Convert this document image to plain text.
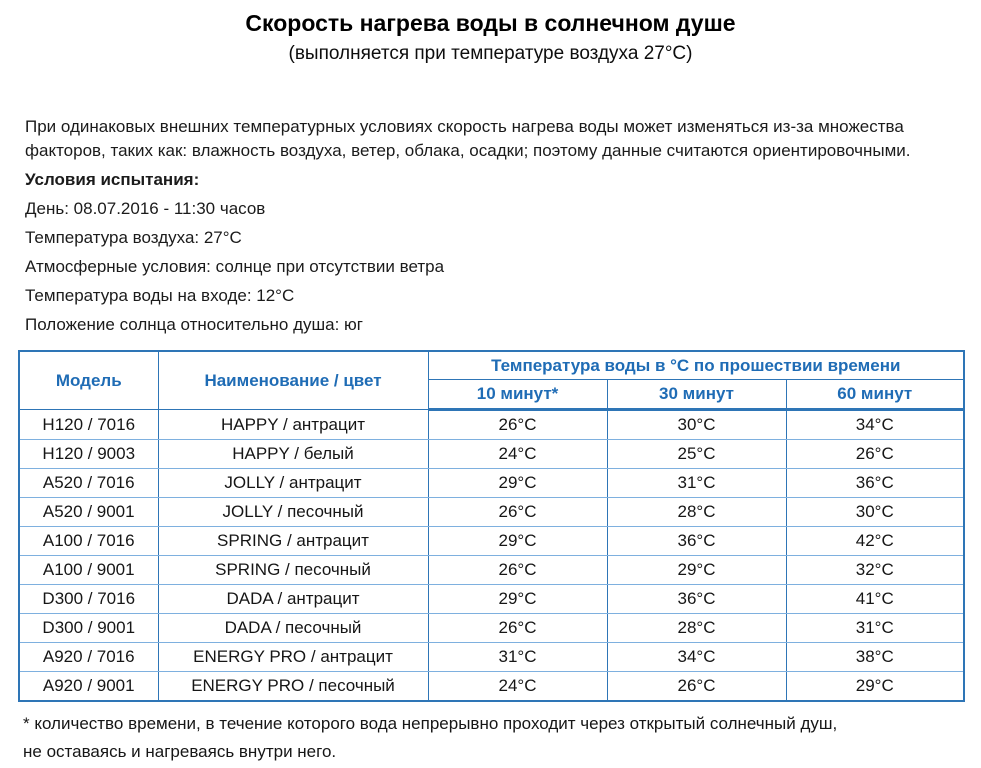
Скорость нагрева воды в солнечном душе
(выполняется при температуре воздуха 27°С)
При одинаковых внешних температурных условиях скорость нагрева воды может изменяться из-за множества
факторов, таких как: влажность воздуха, ветер, облака, осадки; поэтому данные считаются ориентировочными.
Условия испытания:
День: 08.07.2016 - 11:30 часов
Температура воздуха: 27°С
Атмосферные условия: солнце при отсутствии ветра
Температура воды на входе: 12°С
Положение солнца относительно душа: юг
Модель	Наименование / цвет	Температура воды в °С по прошествии времени		
		10 минут*	30 минут	60 минут
H120 / 7016	HAPPY / антрацит	26°C	30°C	34°C
H120 / 9003	HAPPY / белый	24°C	25°C	26°C
A520 / 7016	JOLLY / антрацит	29°C	31°C	36°C
A520 / 9001	JOLLY / песочный	26°C	28°C	30°C
A100 / 7016	SPRING / антрацит	29°C	36°C	42°C
A100 / 9001	SPRING / песочный	26°C	29°C	32°C
D300 / 7016	DADA / антрацит	29°C	36°C	41°C
D300 / 9001	DADA / песочный	26°C	28°C	31°C
A920 / 7016	ENERGY PRO / антрацит	31°C	34°C	38°C
A920 / 9001	ENERGY PRO / песочный	24°C	26°C	29°C
* количество времени, в течение которого вода непрерывно проходит через открытый солнечный душ,
не оставаясь и нагреваясь внутри него.
